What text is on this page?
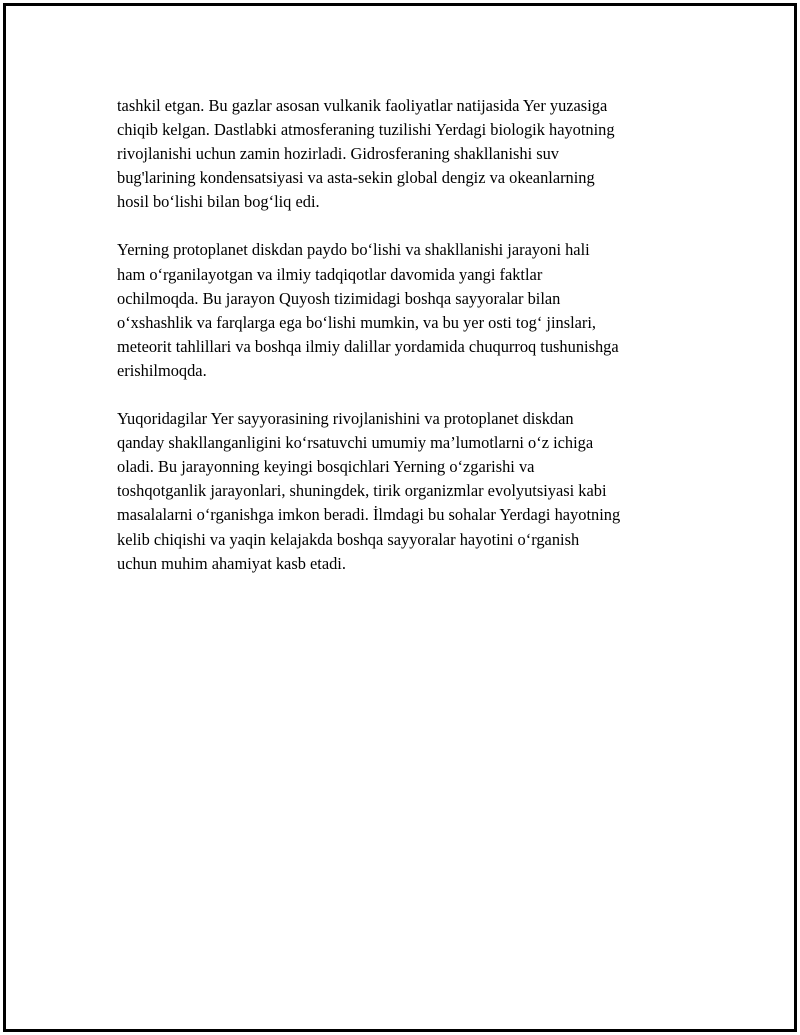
tashkil etgan. Bu gazlar asosan vulkanik faoliyatlar natijasida Yer yuzasiga
chiqib kelgan. Dastlabki atmosferaning tuzilishi Yerdagi biologik hayotning
rivojlanishi uchun zamin hozirladi. Gidrosferaning shakllanishi suv
bug'larining kondensatsiyasi va asta-sekin global dengiz va okeanlarning
hosil bo‘lishi bilan bog‘liq edi.

Yerning protoplanet diskdan paydo bo‘lishi va shakllanishi jarayoni hali
ham o‘rganilayotgan va ilmiy tadqiqotlar davomida yangi faktlar
ochilmoqda. Bu jarayon Quyosh tizimidagi boshqa sayyoralar bilan
o‘xshashlik va farqlarga ega bo‘lishi mumkin, va bu yer osti tog‘ jinslari,
meteorit tahlillari va boshqa ilmiy dalillar yordamida chuqurroq tushunishga
erishilmoqda.

Yuqoridagilar Yer sayyorasining rivojlanishini va protoplanet diskdan
qanday shakllanganligini ko‘rsatuvchi umumiy ma’lumotlarni o‘z ichiga
oladi. Bu jarayonning keyingi bosqichlari Yerning o‘zgarishi va
toshqotganlik jarayonlari, shuningdek, tirik organizmlar evolyutsiyasi kabi
masalalarni o‘rganishga imkon beradi. İlmdagi bu sohalar Yerdagi hayotning
kelib chiqishi va yaqin kelajakda boshqa sayyoralar hayotini o‘rganish
uchun muhim ahamiyat kasb etadi.
